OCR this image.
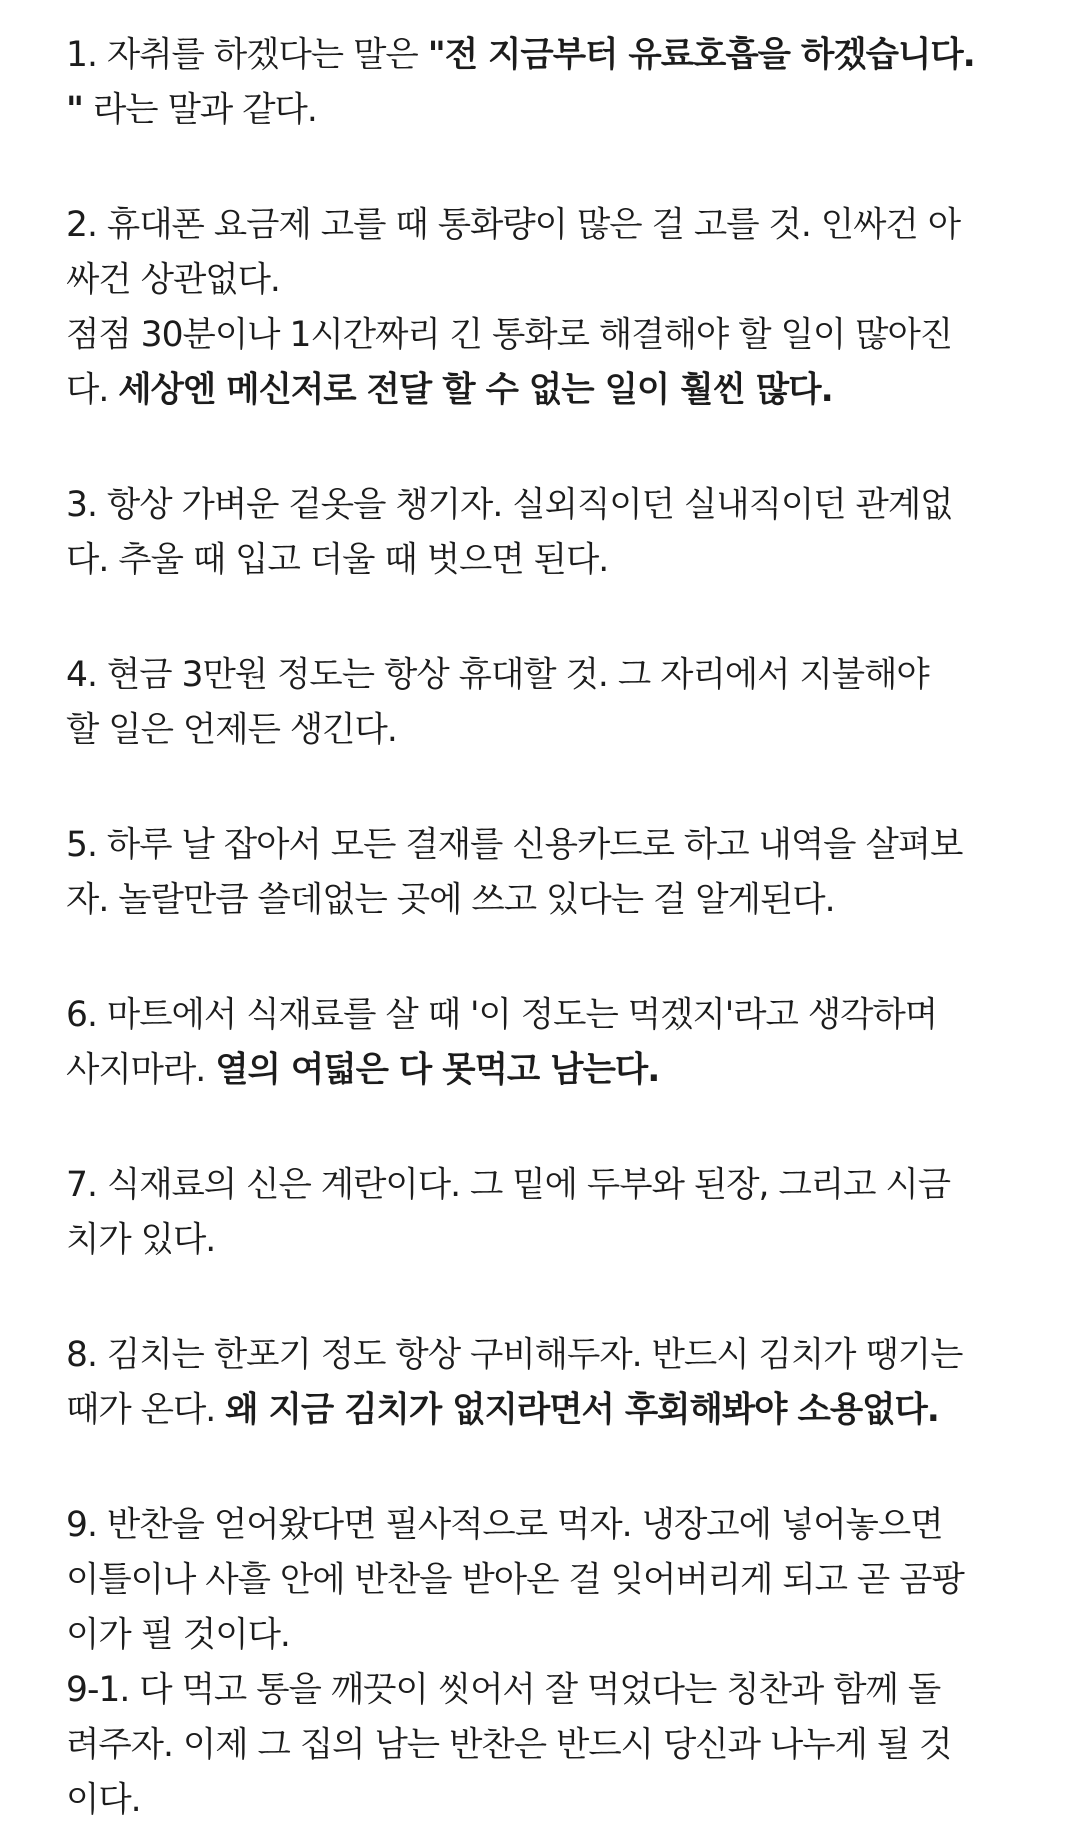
1. 자취를 하겠다는 말은 "전 지금부터 유료호흡을 하겠습니다.
" 라는 말과 같다.
2. 휴대폰 요금제 고를 때 통화량이 많은 걸 고를 것. 인싸건 아
싸건 상관없다.
점점 30분이나 1시간짜리 긴 통화로 해결해야 할 일이 많아진
다. 세상엔 메신저로 전달 할 수 없는 일이 훨씬 많다.
3. 항상 가벼운 겉옷을 챙기자. 실외직이던 실내직이던 관계없
다. 추울 때 입고 더울 때 벗으면 된다.
4. 현금 3만원 정도는 항상 휴대할 것. 그 자리에서 지불해야
할 일은 언제든 생긴다.
5. 하루 날 잡아서 모든 결재를 신용카드로 하고 내역을 살펴보
자. 놀랄만큼 쓸데없는 곳에 쓰고 있다는 걸 알게된다.
6. 마트에서 식재료를 살 때 '이 정도는 먹겠지'라고 생각하며
사지마라. 열의 여덟은 다 못먹고 남는다.
7. 식재료의 신은 계란이다. 그 밑에 두부와 된장, 그리고 시금
치가 있다.
8. 김치는 한포기 정도 항상 구비해두자. 반드시 김치가 땡기는
때가 온다. 왜 지금 김치가 없지라면서 후회해봐야 소용없다.
9. 반찬을 얻어왔다면 필사적으로 먹자. 냉장고에 넣어놓으면
이틀이나 사흘 안에 반찬을 받아온 걸 잊어버리게 되고 곧 곰팡
이가 필 것이다.
9-1. 다 먹고 통을 깨끗이 씻어서 잘 먹었다는 칭찬과 함께 돌
려주자. 이제 그 집의 남는 반찬은 반드시 당신과 나누게 될 것
이다.
